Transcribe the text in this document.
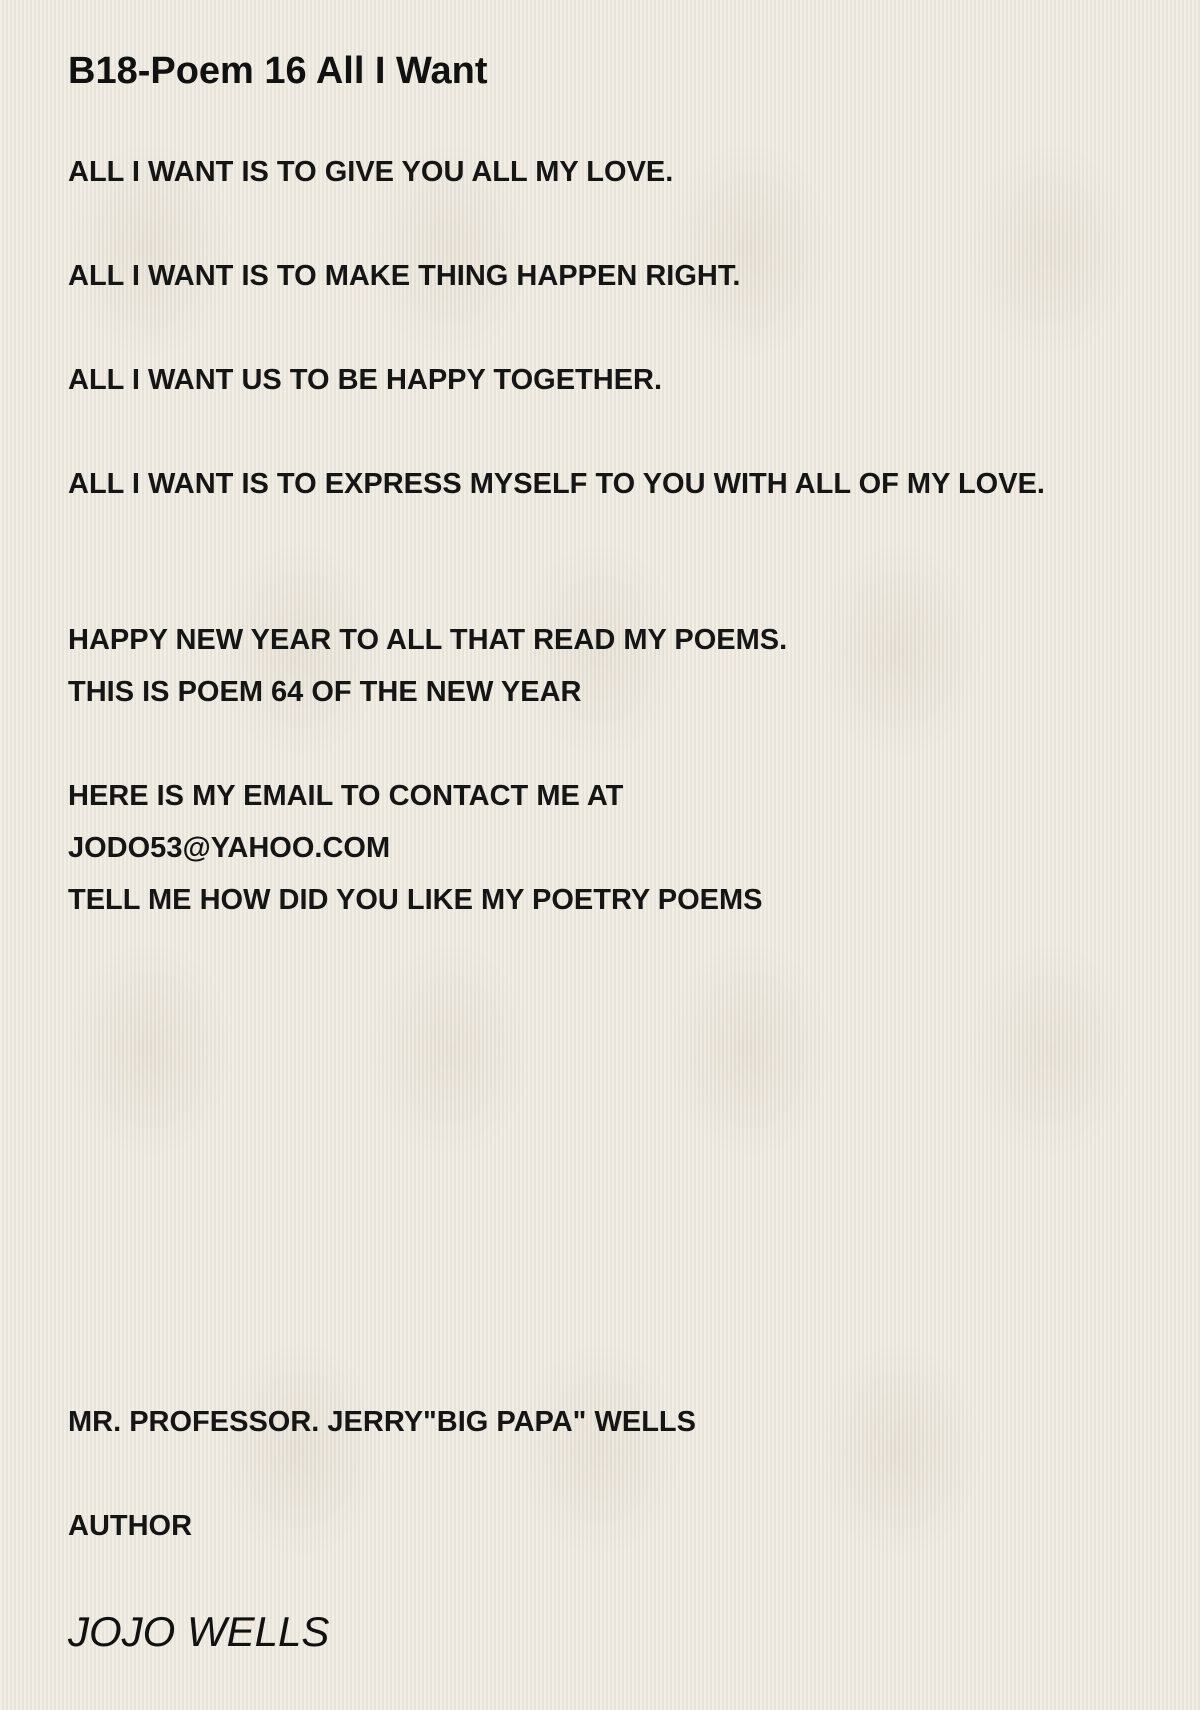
B18-Poem 16 All I Want

ALL I WANT IS TO GIVE YOU ALL MY LOVE.

ALL I WANT IS TO MAKE THING HAPPEN RIGHT.

ALL I WANT US TO BE HAPPY TOGETHER.

ALL I WANT IS TO EXPRESS MYSELF TO YOU WITH ALL OF MY LOVE.

HAPPY NEW YEAR TO ALL THAT READ MY POEMS.

THIS IS POEM 64 OF THE NEW YEAR

HERE IS MY EMAIL TO CONTACT ME AT

JODO53@YAHOO.COM

TELL ME HOW DID YOU LIKE MY POETRY POEMS

MR. PROFESSOR. JERRY"BIG PAPA" WELLS

AUTHOR

JOJO WELLS
